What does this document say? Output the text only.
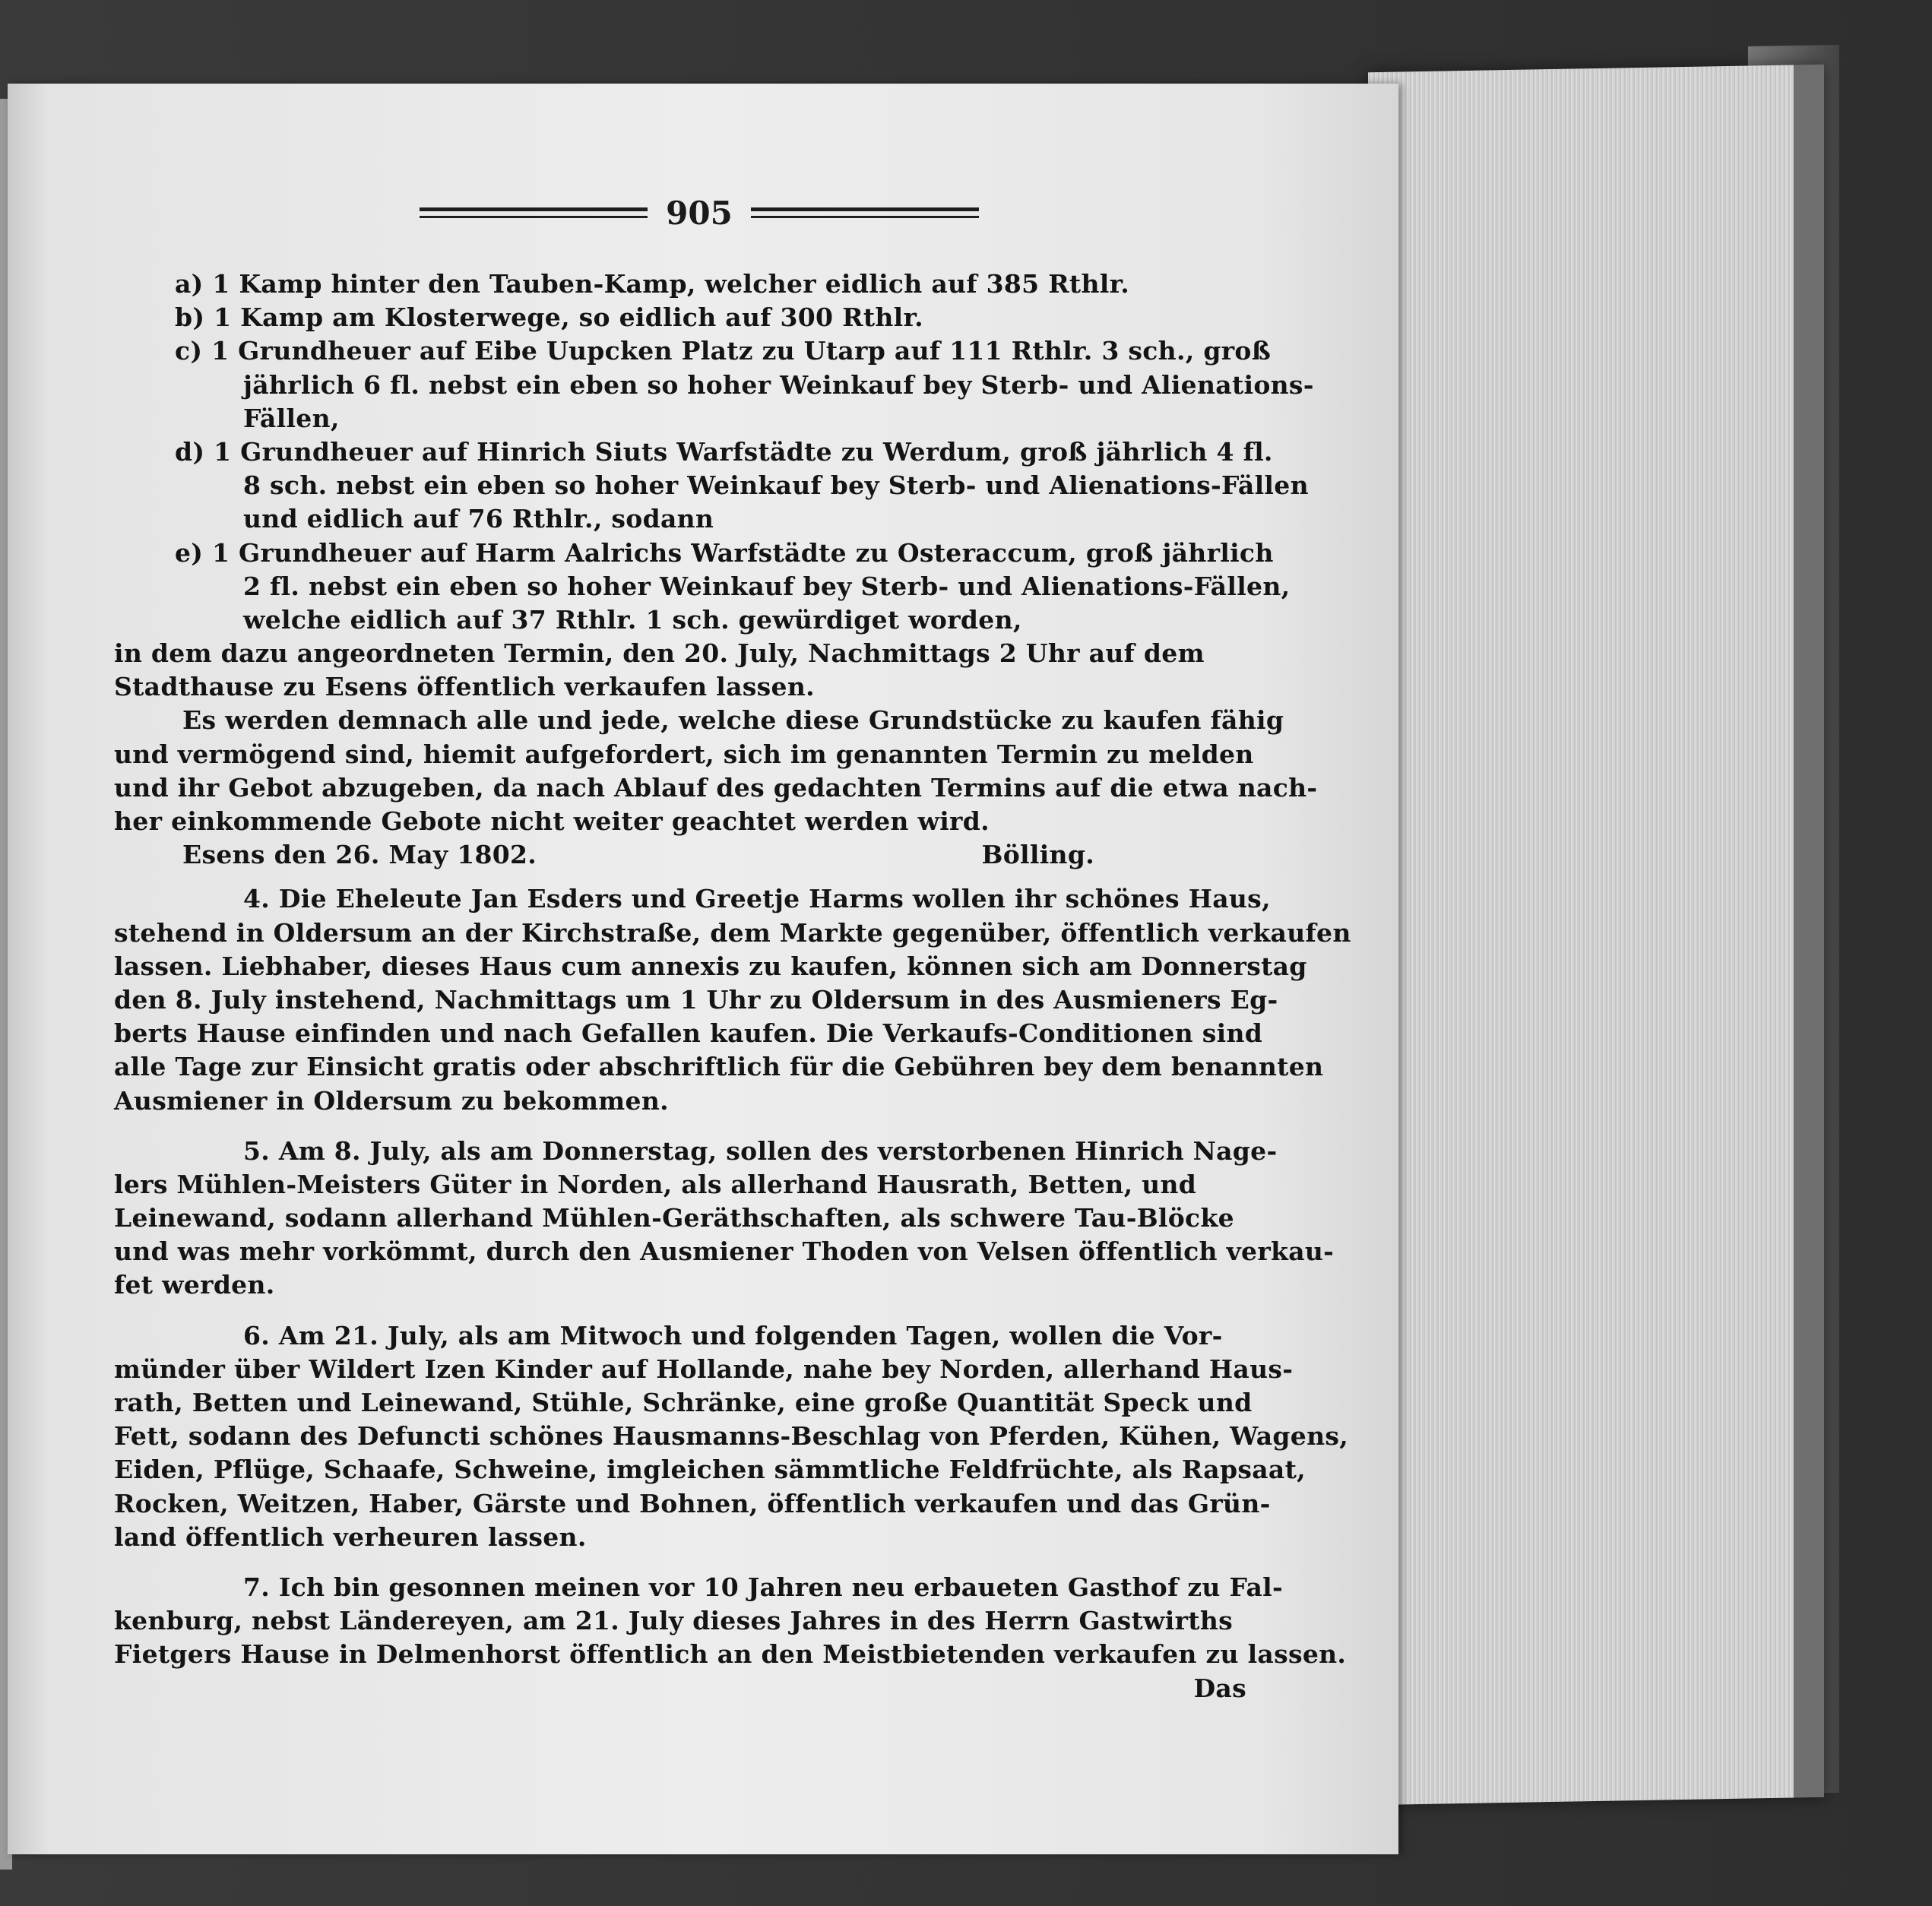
905
a) 1 Kamp hinter den Tauben-Kamp, welcher eidlich auf 385 Rthlr.
b) 1 Kamp am Klosterwege, so eidlich auf 300 Rthlr.
c) 1 Grundheuer auf Eibe Uupcken Platz zu Utarp auf 111 Rthlr. 3 sch., groß
jährlich 6 fl. nebst ein eben so hoher Weinkauf bey Sterb- und Alienations-
Fällen,
d) 1 Grundheuer auf Hinrich Siuts Warfstädte zu Werdum, groß jährlich 4 fl.
8 sch. nebst ein eben so hoher Weinkauf bey Sterb- und Alienations-Fällen
und eidlich auf 76 Rthlr., sodann
e) 1 Grundheuer auf Harm Aalrichs Warfstädte zu Osteraccum, groß jährlich
2 fl. nebst ein eben so hoher Weinkauf bey Sterb- und Alienations-Fällen,
welche eidlich auf 37 Rthlr. 1 sch. gewürdiget worden,
in dem dazu angeordneten Termin, den 20. July, Nachmittags 2 Uhr auf dem
Stadthause zu Esens öffentlich verkaufen lassen.
Es werden demnach alle und jede, welche diese Grundstücke zu kaufen fähig
und vermögend sind, hiemit aufgefordert, sich im genannten Termin zu melden
und ihr Gebot abzugeben, da nach Ablauf des gedachten Termins auf die etwa nach-
her einkommende Gebote nicht weiter geachtet werden wird.
Esens den 26. May 1802.	Bölling.
4. Die Eheleute Jan Esders und Greetje Harms wollen ihr schönes Haus,
stehend in Oldersum an der Kirchstraße, dem Markte gegenüber, öffentlich verkaufen
lassen. Liebhaber, dieses Haus cum annexis zu kaufen, können sich am Donnerstag
den 8. July instehend, Nachmittags um 1 Uhr zu Oldersum in des Ausmieners Eg-
berts Hause einfinden und nach Gefallen kaufen. Die Verkaufs-Conditionen sind
alle Tage zur Einsicht gratis oder abschriftlich für die Gebühren bey dem benannten
Ausmiener in Oldersum zu bekommen.
5. Am 8. July, als am Donnerstag, sollen des verstorbenen Hinrich Nage-
lers Mühlen-Meisters Güter in Norden, als allerhand Hausrath, Betten, und
Leinewand, sodann allerhand Mühlen-Geräthschaften, als schwere Tau-Blöcke
und was mehr vorkömmt, durch den Ausmiener Thoden von Velsen öffentlich verkau-
fet werden.
6. Am 21. July, als am Mitwoch und folgenden Tagen, wollen die Vor-
münder über Wildert Izen Kinder auf Hollande, nahe bey Norden, allerhand Haus-
rath, Betten und Leinewand, Stühle, Schränke, eine große Quantität Speck und
Fett, sodann des Defuncti schönes Hausmanns-Beschlag von Pferden, Kühen, Wagens,
Eiden, Pflüge, Schaafe, Schweine, imgleichen sämmtliche Feldfrüchte, als Rapsaat,
Rocken, Weitzen, Haber, Gärste und Bohnen, öffentlich verkaufen und das Grün-
land öffentlich verheuren lassen.
7. Ich bin gesonnen meinen vor 10 Jahren neu erbaueten Gasthof zu Fal-
kenburg, nebst Ländereyen, am 21. July dieses Jahres in des Herrn Gastwirths
Fietgers Hause in Delmenhorst öffentlich an den Meistbietenden verkaufen zu lassen.
Das
